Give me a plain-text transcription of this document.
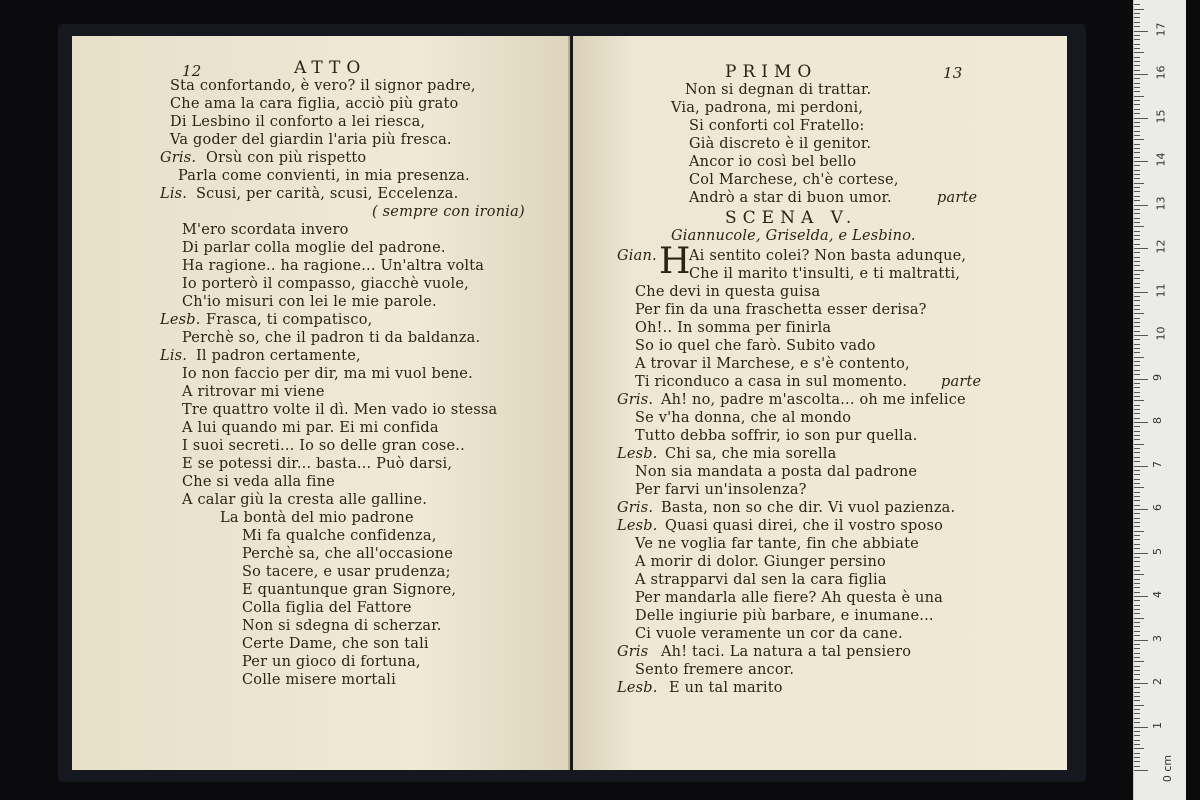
12	ATTO
Sta confortando, è vero? il signor padre,
Che ama la cara figlia, acciò più grato
Di Lesbino il conforto a lei riesca,
Va goder del giardin l'aria più fresca.
Gris. Orsù con più rispetto
Parla come convienti, in mia presenza.
Lis. Scusi, per carità, scusi, Eccelenza.
( sempre con ironia)
M'ero scordata invero
Di parlar colla moglie del padrone.
Ha ragione.. ha ragione... Un'altra volta
Io porterò il compasso, giacchè vuole,
Ch'io misuri con lei le mie parole.
Lesb. Frasca, ti compatisco,
Perchè so, che il padron ti da baldanza.
Lis. Il padron certamente,
Io non faccio per dir, ma mi vuol bene.
A ritrovar mi viene
Tre quattro volte il dì. Men vado io stessa
A lui quando mi par. Ei mi confida
I suoi secreti... Io so delle gran cose..
E se potessi dir... basta... Può darsi,
Che si veda alla fine
A calar giù la cresta alle galline.
La bontà del mio padrone
Mi fa qualche confidenza,
Perchè sa, che all'occasione
So tacere, e usar prudenza;
E quantunque gran Signore,
Colla figlia del Fattore
Non si sdegna di scherzar.
Certe Dame, che son tali
Per un gioco di fortuna,
Colle misere mortali
PRIMO	13
Non si degnan di trattar.
Via, padrona, mi perdoni,
Si conforti col Fratello:
Già discreto è il genitor.
Ancor io così bel bello
Col Marchese, ch'è cortese,
Andrò a star di buon umor.	parte
SCENA V.
Giannucole, Griselda, e Lesbino.
Gian. H
Ai sentito colei? Non basta adunque,
Che il marito t'insulti, e ti maltratti,
Che devi in questa guisa
Per fin da una fraschetta esser derisa?
Oh!.. In somma per finirla
So io quel che farò. Subito vado
A trovar il Marchese, e s'è contento,
Ti riconduco a casa in sul momento. parte
Gris. Ah! no, padre m'ascolta... oh me infelice
Se v'ha donna, che al mondo
Tutto debba soffrir, io son pur quella.
Lesb. Chi sa, che mia sorella
Non sia mandata a posta dal padrone
Per farvi un'insolenza?
Gris. Basta, non so che dir. Vi vuol pazienza.
Lesb. Quasi quasi direi, che il vostro sposo
Ve ne voglia far tante, fin che abbiate
A morir di dolor. Giunger persino
A strapparvi dal sen la cara figlia
Per mandarla alle fiere? Ah questa è una
Delle ingiurie più barbare, e inumane...
Ci vuole veramente un cor da cane.
Gris Ah! taci. La natura a tal pensiero
Sento fremere ancor.
Lesb. E un tal marito
0 cm
1
2
3
4
5
6
7
8
9
10
11
12
13
14
15
16
17
